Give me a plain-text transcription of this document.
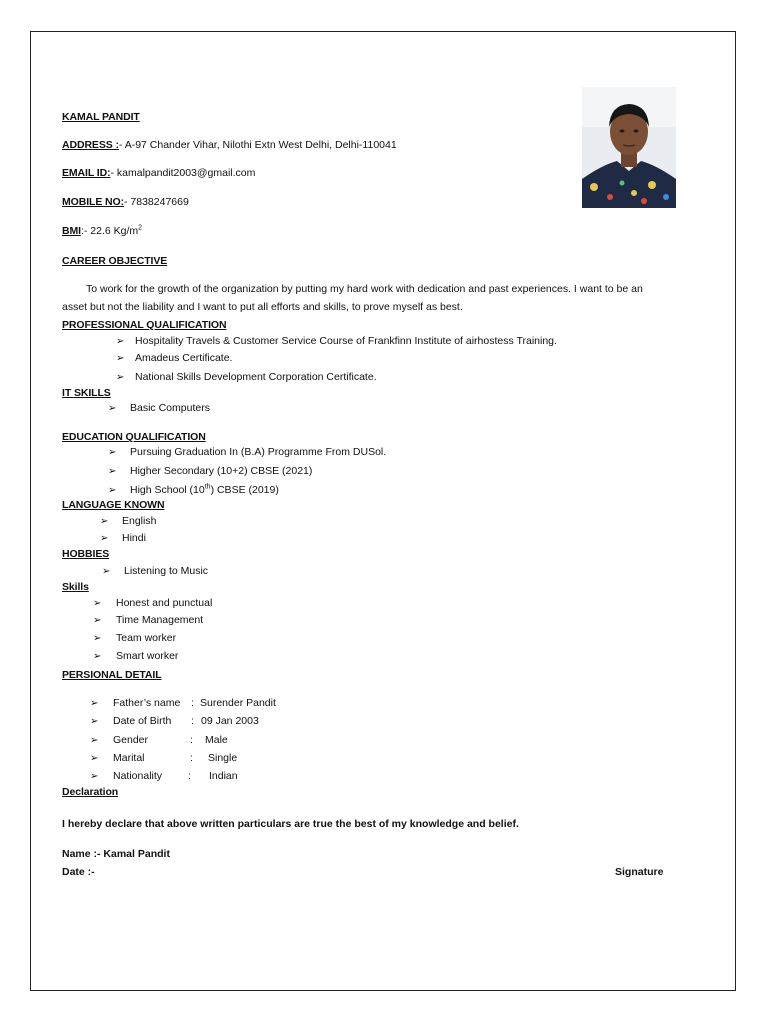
KAMAL PANDIT
ADDRESS :- A-97 Chander Vihar, Nilothi Extn West Delhi, Delhi-110041
EMAIL ID:- kamalpandit2003@gmail.com
MOBILE NO:- 7838247669
BMI:- 22.6 $Kg/m^2$
CAREER OBJECTIVE
To work for the growth of the organization by putting my hard work with dedication and past experiences. I want to be an
asset but not the liability and I want to put all efforts and skills, to prove myself as best.
PROFESSIONAL QUALIFICATION
➢ Hospitality Travels & Customer Service Course of Frankfinn Institute of airhostess Training.
➢ Amadeus Certificate.
➢ National Skills Development Corporation Certificate.
IT SKILLS
➢ Basic Computers
EDUCATION QUALIFICATION
➢ Pursuing Graduation In (B.A) Programme From DUSol.
➢ Higher Secondary (10+2) CBSE (2021)
➢ High School (10th) CBSE (2019)
LANGUAGE KNOWN
➢ English
➢ Hindi
HOBBIES
➢ Listening to Music
Skills
➢ Honest and punctual
➢ Time Management
➢ Team worker
➢ Smart worker
PERSIONAL DETAIL
➢ Father’s name : Surender Pandit
➢ Date of Birth : 09 Jan 2003
➢ Gender	: Male
➢ Marital	: Single
➢ Nationality : Indian
Declaration
I hereby declare that above written particulars are true the best of my knowledge and belief.
Name :- Kamal Pandit
Date :-	Signature
